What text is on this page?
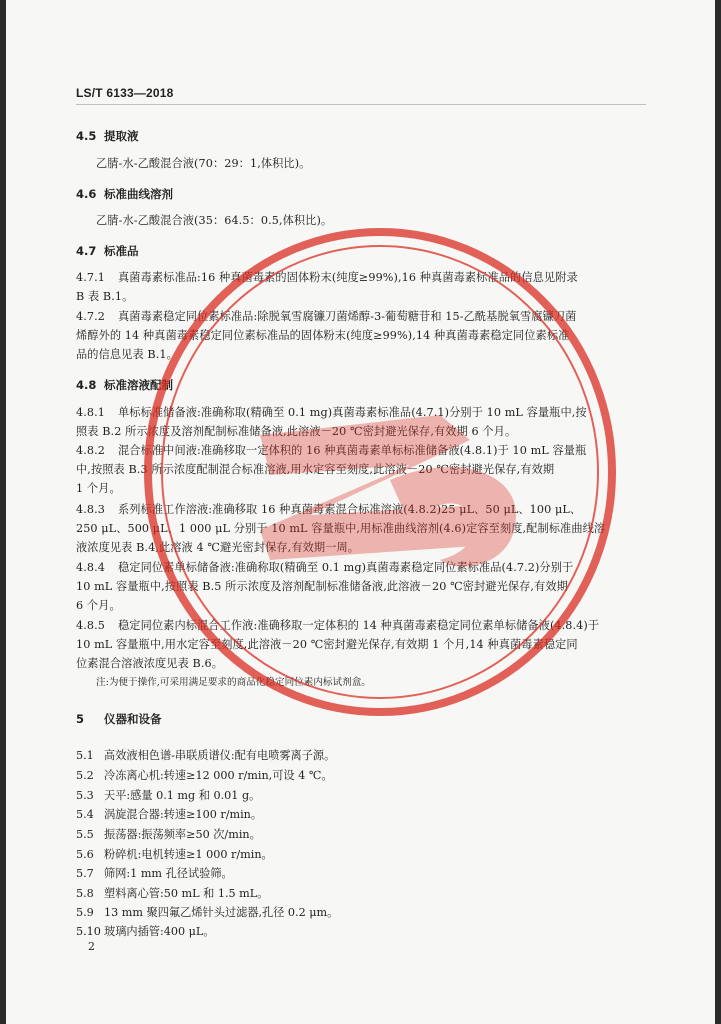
LS/T 6133—2018
4.5 提取液
乙腈-水-乙酸混合液(70：29：1,体积比)。
4.6 标准曲线溶剂
乙腈-水-乙酸混合液(35：64.5：0.5,体积比)。
4.7 标准品
4.7.1 真菌毒素标准品:16 种真菌毒素的固体粉末(纯度≥99%),16 种真菌毒素标准品的信息见附录
B 表 B.1。
4.7.2 真菌毒素稳定同位素标准品:除脱氧雪腐镰刀菌烯醇-3-葡萄糖苷和 15-乙酰基脱氧雪腐镰刀菌
烯醇外的 14 种真菌毒素稳定同位素标准品的固体粉末(纯度≥99%),14 种真菌毒素稳定同位素标准
品的信息见表 B.1。
4.8 标准溶液配制
4.8.1 单标标准储备液:准确称取(精确至 0.1 mg)真菌毒素标准品(4.7.1)分别于 10 mL 容量瓶中,按
照表 B.2 所示浓度及溶剂配制标准储备液,此溶液－20 ℃密封避光保存,有效期 6 个月。
4.8.2 混合标准中间液:准确移取一定体积的 16 种真菌毒素单标标准储备液(4.8.1)于 10 mL 容量瓶
中,按照表 B.3 所示浓度配制混合标准溶液,用水定容至刻度,此溶液－20 ℃密封避光保存,有效期
1 个月。
4.8.3 系列标准工作溶液:准确移取 16 种真菌毒素混合标准溶液(4.8.2)25 μL、50 μL、100 μL、
250 μL、500 μL、1 000 μL 分别于 10 mL 容量瓶中,用标准曲线溶剂(4.6)定容至刻度,配制标准曲线溶
液浓度见表 B.4,此溶液 4 ℃避光密封保存,有效期一周。
4.8.4 稳定同位素单标储备液:准确称取(精确至 0.1 mg)真菌毒素稳定同位素标准品(4.7.2)分别于
10 mL 容量瓶中,按照表 B.5 所示浓度及溶剂配制标准储备液,此溶液－20 ℃密封避光保存,有效期
6 个月。
4.8.5 稳定同位素内标混合工作液:准确移取一定体积的 14 种真菌毒素稳定同位素单标储备液(4.8.4)于
10 mL 容量瓶中,用水定容至刻度,此溶液－20 ℃密封避光保存,有效期 1 个月,14 种真菌毒素稳定同
位素混合溶液浓度见表 B.6。
注:为便于操作,可采用满足要求的商品化稳定同位素内标试剂盒。
5 仪器和设备
5.1 高效液相色谱-串联质谱仪:配有电喷雾离子源。
5.2 冷冻离心机:转速≥12 000 r/min,可设 4 ℃。
5.3 天平:感量 0.1 mg 和 0.01 g。
5.4 涡旋混合器:转速≥100 r/min。
5.5 振荡器:振荡频率≥50 次/min。
5.6 粉碎机:电机转速≥1 000 r/min。
5.7 筛网:1 mm 孔径试验筛。
5.8 塑料离心管:50 mL 和 1.5 mL。
5.9 13 mm 聚四氟乙烯针头过滤器,孔径 0.2 μm。
5.10 玻璃内插管:400 μL。
2
